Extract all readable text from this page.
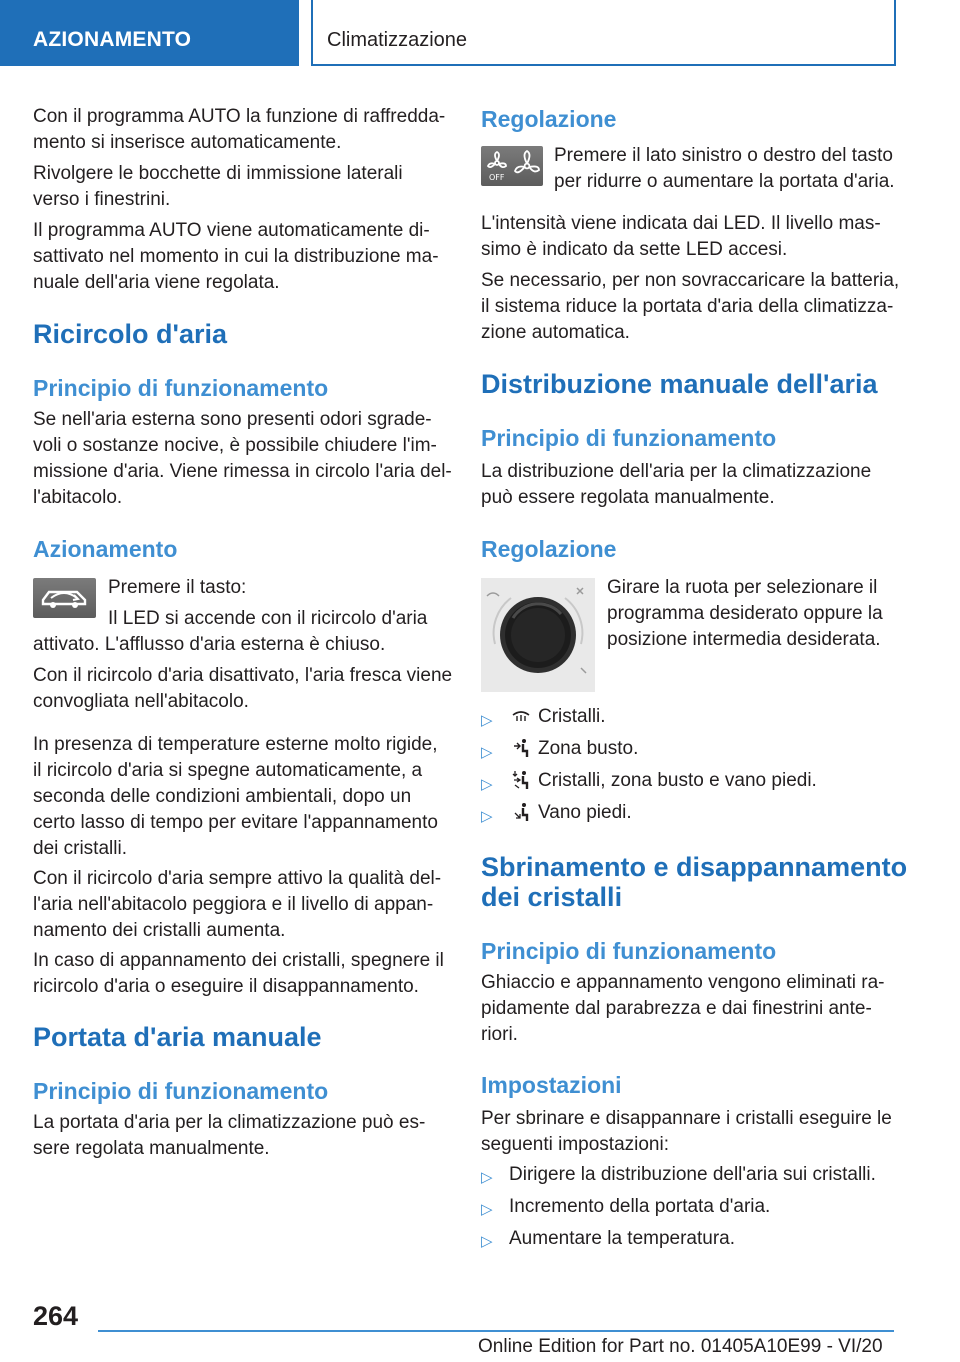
AZIONAMENTO	Climatizzazione
Con il programma AUTO la funzione di raffredda-
mento si inserisce automaticamente.
Rivolgere le bocchette di immissione laterali
verso i finestrini.
Il programma AUTO viene automaticamente di-
sattivato nel momento in cui la distribuzione ma-
nuale dell'aria viene regolata.
Ricircolo d'aria
Principio di funzionamento
Se nell'aria esterna sono presenti odori sgrade-
voli o sostanze nocive, è possibile chiudere l'im-
missione d'aria. Viene rimessa in circolo l'aria del-
l'abitacolo.
Azionamento
Premere il tasto:
Il LED si accende con il ricircolo d'aria
attivato. L'afflusso d'aria esterna è chiuso.
Con il ricircolo d'aria disattivato, l'aria fresca viene
convogliata nell'abitacolo.
In presenza di temperature esterne molto rigide,
il ricircolo d'aria si spegne automaticamente, a
seconda delle condizioni ambientali, dopo un
certo lasso di tempo per evitare l'appannamento
dei cristalli.
Con il ricircolo d'aria sempre attivo la qualità del-
l'aria nell'abitacolo peggiora e il livello di appan-
namento dei cristalli aumenta.
In caso di appannamento dei cristalli, spegnere il
ricircolo d'aria o eseguire il disappannamento.
Portata d'aria manuale
Principio di funzionamento
La portata d'aria per la climatizzazione può es-
sere regolata manualmente.
Regolazione
OFF
Premere il lato sinistro o destro del tasto
per ridurre o aumentare la portata d'aria.
L'intensità viene indicata dai LED. Il livello mas-
simo è indicato da sette LED accesi.
Se necessario, per non sovraccaricare la batteria,
il sistema riduce la portata d'aria della climatizza-
zione automatica.
Distribuzione manuale dell'aria
Principio di funzionamento
La distribuzione dell'aria per la climatizzazione
può essere regolata manualmente.
Regolazione
Girare la ruota per selezionare il
programma desiderato oppure la
posizione intermedia desiderata.
▷ Cristalli.
▷ Zona busto.
▷ Cristalli, zona busto e vano piedi.
▷ Vano piedi.
Sbrinamento e disappannamento
dei cristalli
Principio di funzionamento
Ghiaccio e appannamento vengono eliminati ra-
pidamente dal parabrezza e dai finestrini ante-
riori.
Impostazioni
Per sbrinare e disappannare i cristalli eseguire le
seguenti impostazioni:
▷ Dirigere la distribuzione dell'aria sui cristalli.
▷ Incremento della portata d'aria.
▷ Aumentare la temperatura.
264
Online Edition for Part no. 01405A10E99 - VI/20
